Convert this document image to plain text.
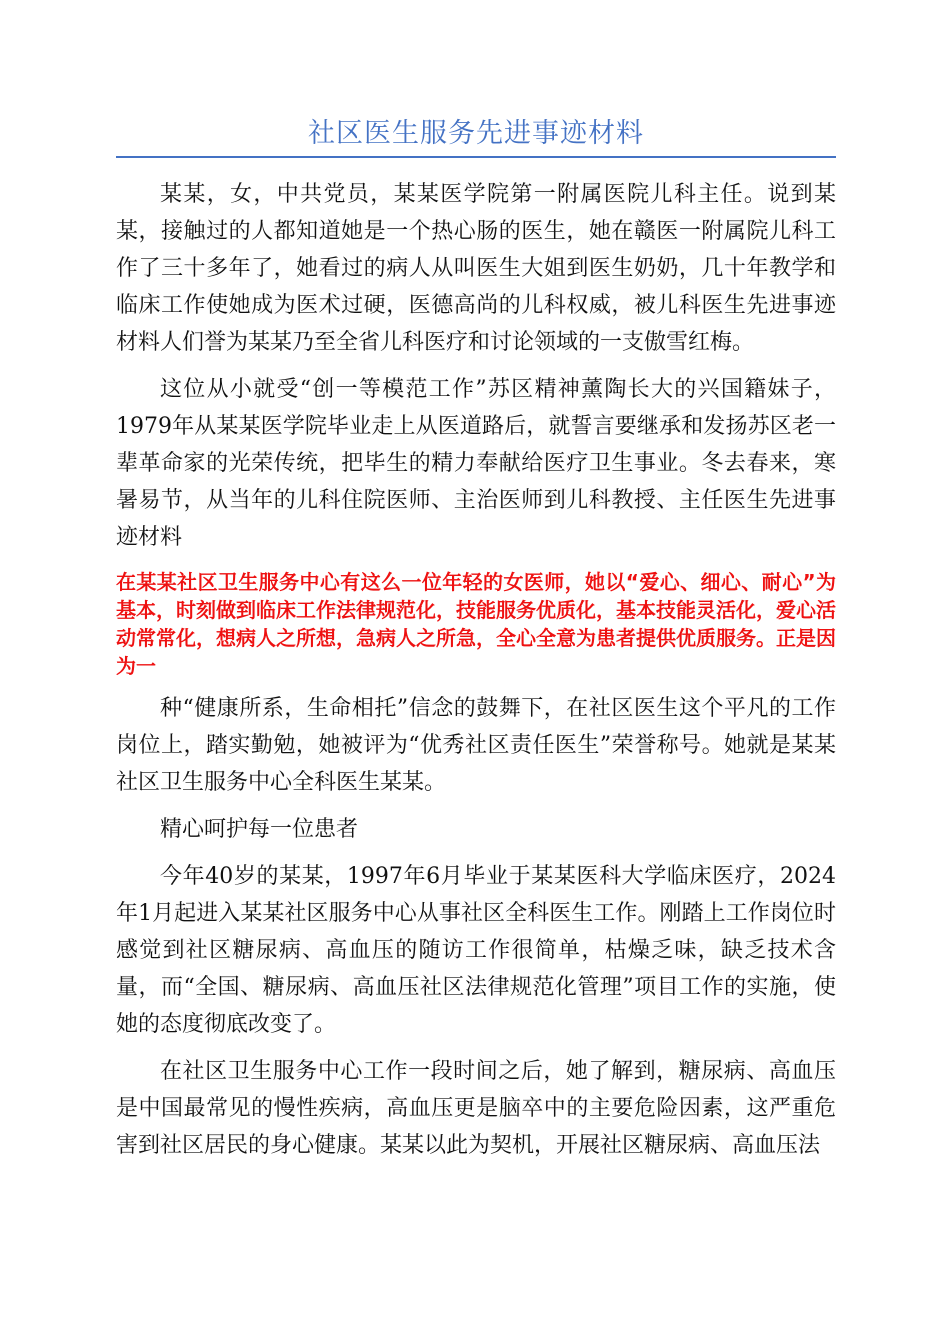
社区医生服务先进事迹材料

某某，女，中共党员，某某医学院第一附属医院儿科主任。说到某某，接触过的人都知道她是一个热心肠的医生，她在赣医一附属院儿科工作了三十多年了，她看过的病人从叫医生大姐到医生奶奶，几十年教学和临床工作使她成为医术过硬，医德高尚的儿科权威，被儿科医生先进事迹材料人们誉为某某乃至全省儿科医疗和讨论领域的一支傲雪红梅。

这位从小就受“创一等模范工作”苏区精神薰陶长大的兴国籍妹子，1979年从某某医学院毕业走上从医道路后，就誓言要继承和发扬苏区老一辈革命家的光荣传统，把毕生的精力奉献给医疗卫生事业。冬去春来，寒暑易节，从当年的儿科住院医师、主治医师到儿科教授、主任医生先进事迹材料

在某某社区卫生服务中心有这么一位年轻的女医师，她以“爱心、细心、耐心”为基本，时刻做到临床工作法律规范化，技能服务优质化，基本技能灵活化，爱心活动常常化，想病人之所想，急病人之所急，全心全意为患者提供优质服务。正是因为一

种“健康所系，生命相托”信念的鼓舞下，在社区医生这个平凡的工作岗位上，踏实勤勉，她被评为“优秀社区责任医生”荣誉称号。她就是某某社区卫生服务中心全科医生某某。

精心呵护每一位患者

今年40岁的某某，1997年6月毕业于某某医科大学临床医疗，2024年1月起进入某某社区服务中心从事社区全科医生工作。刚踏上工作岗位时感觉到社区糖尿病、高血压的随访工作很简单，枯燥乏味，缺乏技术含量，而“全国、糖尿病、高血压社区法律规范化管理”项目工作的实施，使她的态度彻底改变了。

在社区卫生服务中心工作一段时间之后，她了解到，糖尿病、高血压是中国最常见的慢性疾病，高血压更是脑卒中的主要危险因素，这严重危害到社区居民的身心健康。某某以此为契机，开展社区糖尿病、高血压法
